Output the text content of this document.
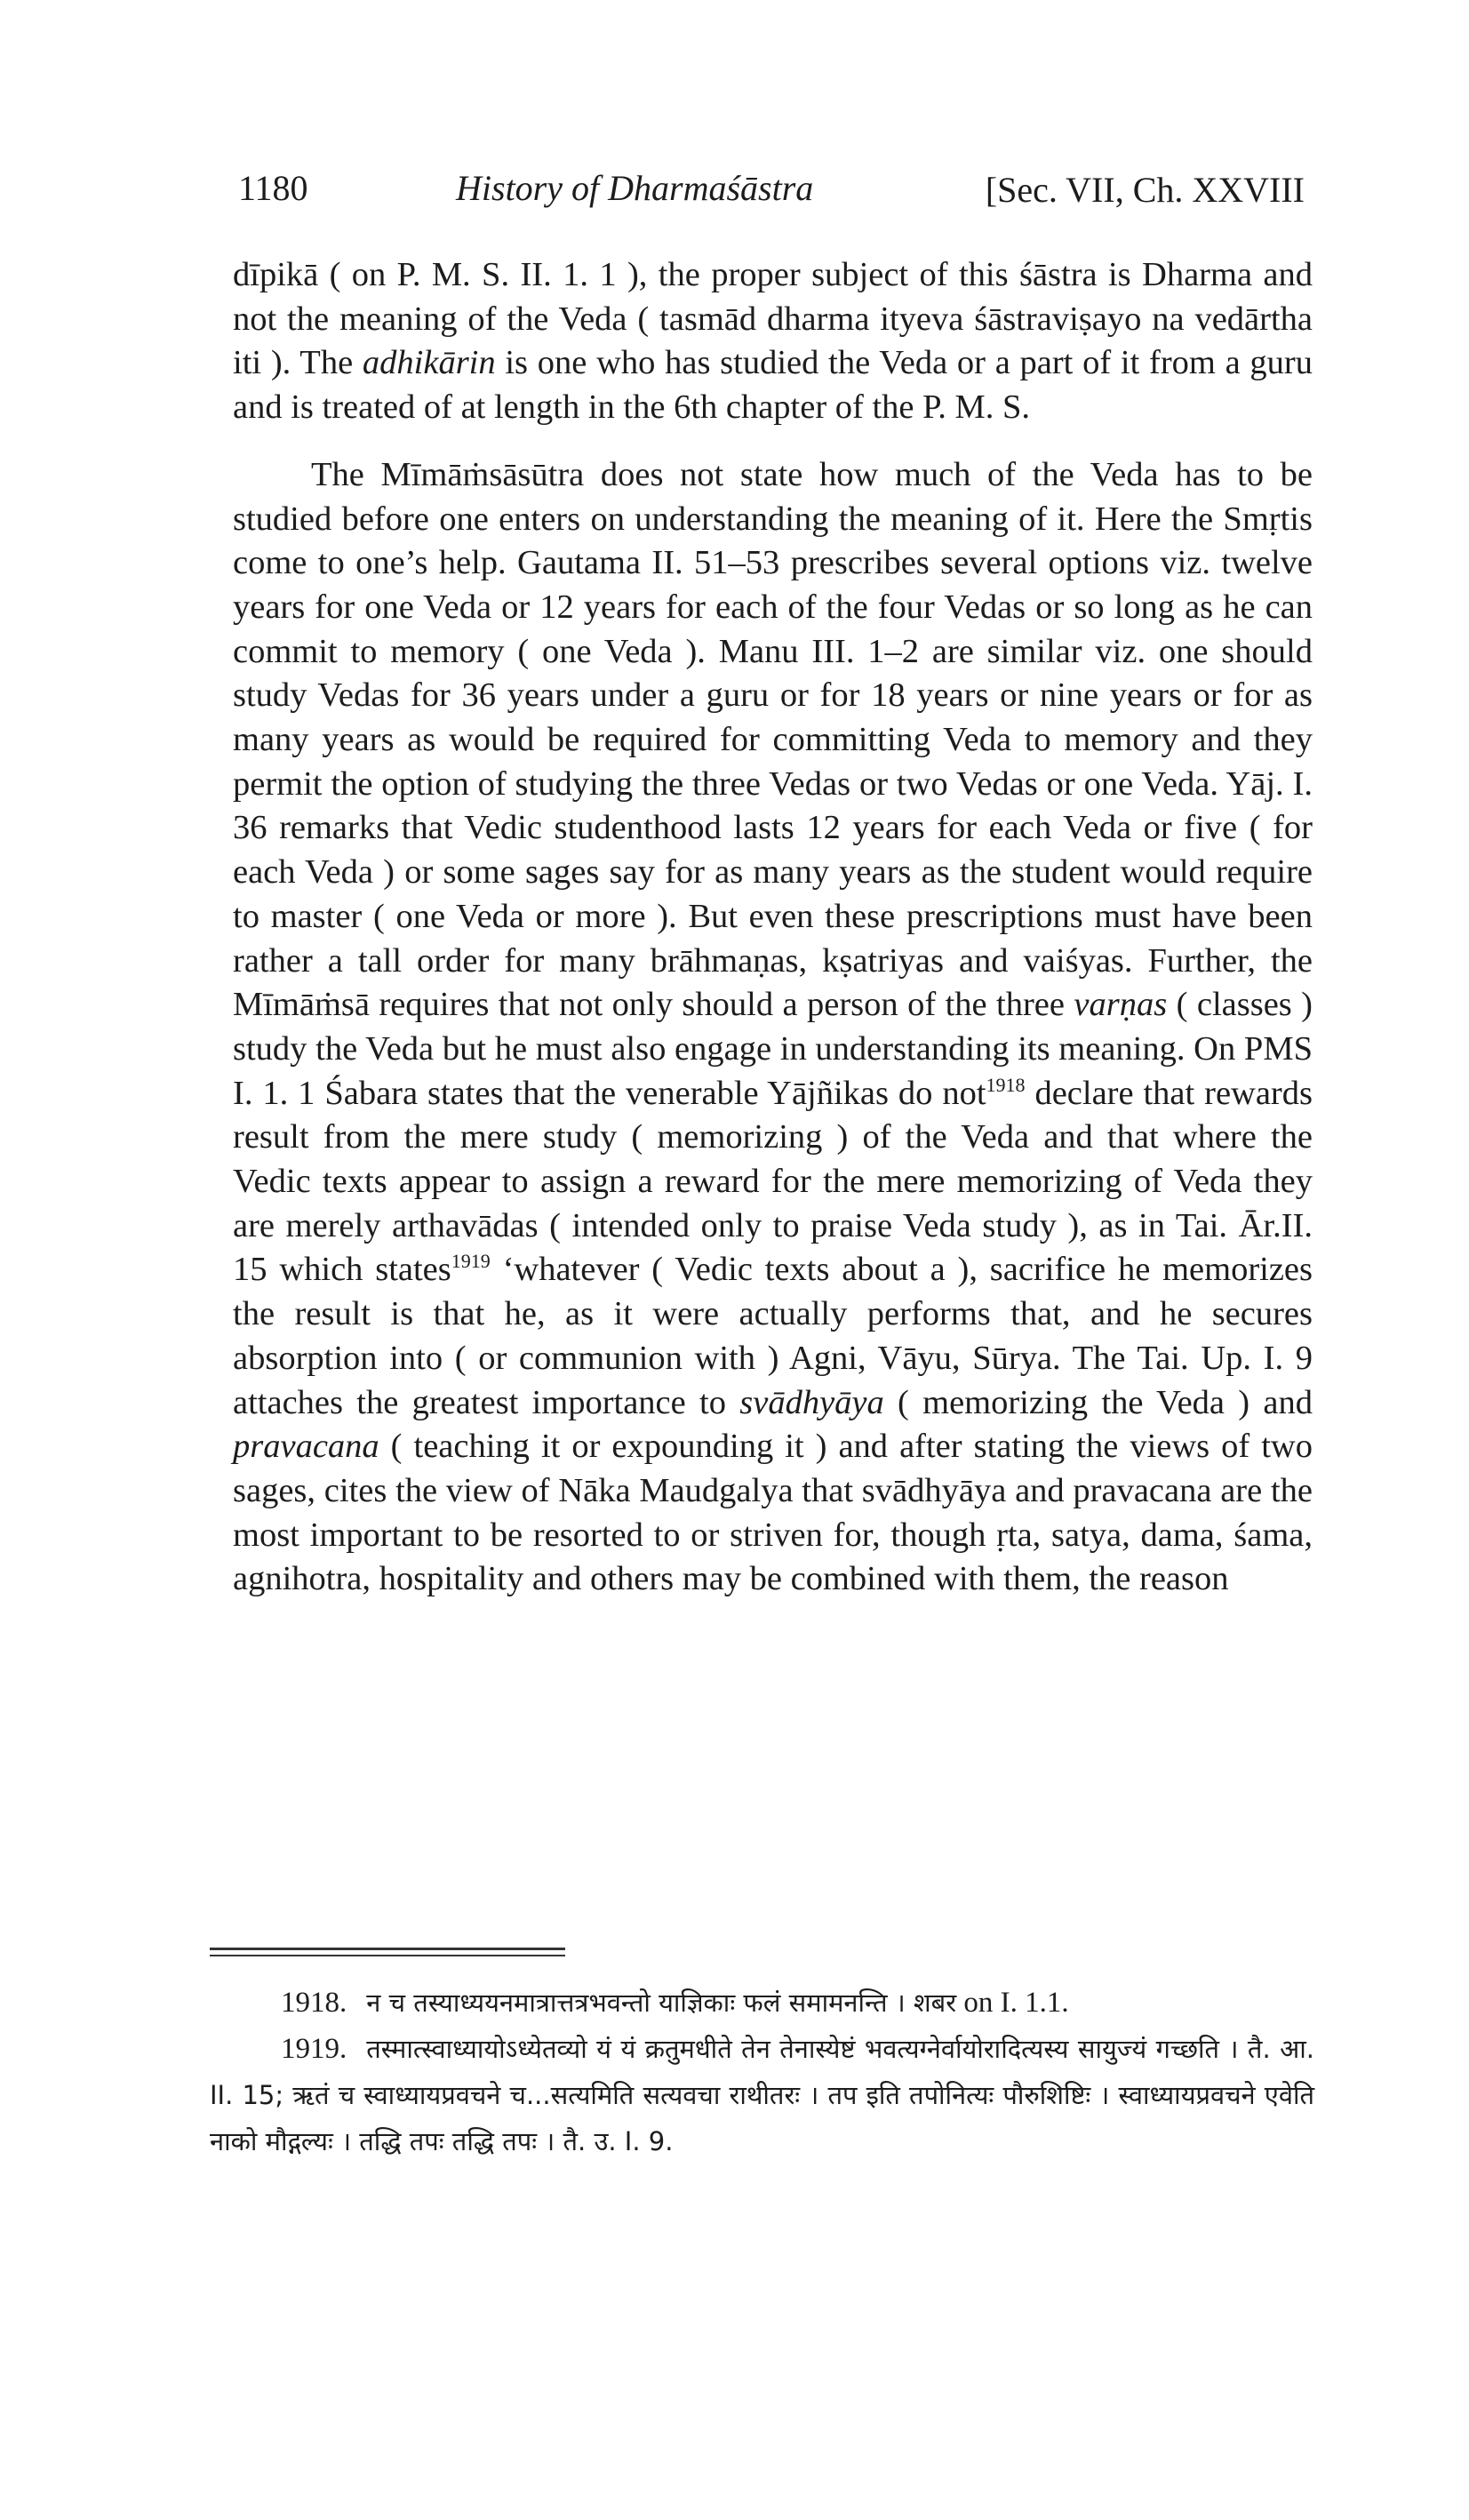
1180	History of Dharmaśāstra	[Sec. VII, Ch. XXVIII

dīpikā ( on P. M. S. II. 1. 1 ), the proper subject of this śāstra is Dharma and not the meaning of the Veda ( tasmād dharma ityeva śāstraviṣayo na vedārtha iti ). The adhikārin is one who has studied the Veda or a part of it from a guru and is treated of at length in the 6th chapter of the P. M. S.

The Mīmāṁsāsūtra does not state how much of the Veda has to be studied before one enters on understanding the meaning of it. Here the Smṛtis come to one’s help. Gautama II. 51–53 prescribes several options viz. twelve years for one Veda or 12 years for each of the four Vedas or so long as he can commit to memory ( one Veda ). Manu III. 1–2 are similar viz. one should study Vedas for 36 years under a guru or for 18 years or nine years or for as many years as would be required for committing Veda to memory and they permit the option of studying the three Vedas or two Vedas or one Veda. Yāj. I. 36 remarks that Vedic studenthood lasts 12 years for each Veda or five ( for each Veda ) or some sages say for as many years as the student would require to master ( one Veda or more ). But even these prescriptions must have been rather a tall order for many brāhmaṇas, kṣatriyas and vaiśyas. Further, the Mīmāṁsā requires that not only should a person of the three varṇas ( classes ) study the Veda but he must also engage in understanding its meaning. On PMS I. 1. 1 Śabara states that the venerable Yājñikas do not$^{1918}$ declare that rewards result from the mere study ( memorizing ) of the Veda and that where the Vedic texts appear to assign a reward for the mere memorizing of Veda they are merely arthavādas ( intended only to praise Veda study ), as in Tai. Ār.II. 15 which states$^{1919}$ ‘whatever ( Vedic texts about a ), sacrifice he memorizes the result is that he, as it were actually performs that, and he secures absorption into ( or communion with ) Agni, Vāyu, Sūrya. The Tai. Up. I. 9 attaches the greatest importance to svādhyāya ( memorizing the Veda ) and pravacana ( teaching it or expounding it ) and after stating the views of two sages, cites the view of Nāka Maudgalya that svādhyāya and pravacana are the most important to be resorted to or striven for, though ṛta, satya, dama, śama, agnihotra, hospitality and others may be combined with them, the reason

1918. न च तस्याध्ययनमात्रात्तत्रभवन्तो याज्ञिकाः फलं समामनन्ति । शबर on I. 1.1.

1919. तस्मात्स्वाध्यायोऽध्येतव्यो यं यं क्रतुमधीते तेन तेनास्येष्टं भवत्यग्नेर्वायोरादित्यस्य सायुज्यं गच्छति । तै. आ. II. 15; ऋतं च स्वाध्यायप्रवचने च...सत्यमिति सत्यवचा राथीतरः । तप इति तपोनित्यः पौरुशिष्टिः । स्वाध्यायप्रवचने एवेति नाको मौद्गल्यः । तद्धि तपः तद्धि तपः । तै. उ. I. 9.
